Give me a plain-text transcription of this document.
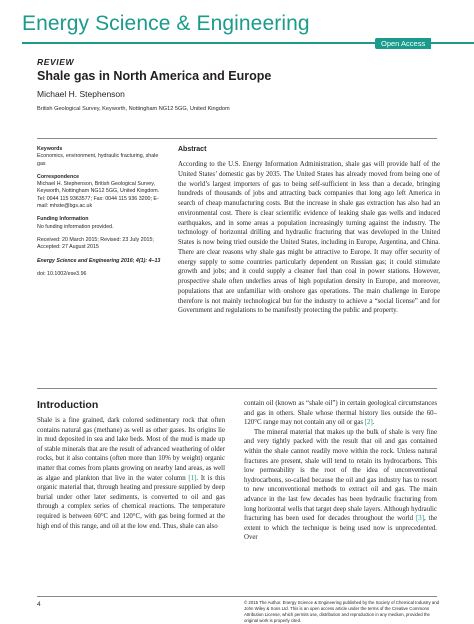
Energy Science & Engineering
Open Access
REVIEW
Shale gas in North America and Europe
Michael H. Stephenson
British Geological Survey, Keyworth, Nottingham NG12 5GG, United Kingdom
Keywords
Economics, environment, hydraulic fracturing, shale gas
Correspondence
Michael H. Stephenson, British Geological Survey, Keyworth, Nottingham NG12 5GG, United Kingdom. Tel: 0044 115 9363577; Fax: 0044 115 936 3200; E-mail: mhste@bgs.ac.uk
Funding Information
No funding information provided.
Received: 20 March 2015; Revised: 23 July 2015; Accepted: 27 August 2015
Energy Science and Engineering 2016; 4(1): 4–13
doi: 10.1002/ese3.96
Abstract
According to the U.S. Energy Information Administration, shale gas will provide half of the United States’ domestic gas by 2035. The United States has already moved from being one of the world’s largest importers of gas to being self-sufficient in less than a decade, bringing hundreds of thousands of jobs and attracting back companies that long ago left America in search of cheap manufacturing costs. But the increase in shale gas extraction has also had an environmental cost. There is clear scientific evidence of leaking shale gas wells and induced earthquakes, and in some areas a population increasingly turning against the industry. The technology of horizontal drilling and hydraulic fracturing that was developed in the United States is now being tried outside the United States, including in Europe, Argentina, and China. There are clear reasons why shale gas might be attractive to Europe. It may offer security of energy supply to some countries particularly dependent on Russian gas; it could stimulate growth and jobs; and it could supply a cleaner fuel than coal in power stations. However, prospective shale often underlies areas of high population density in Europe, and moreover, populations that are unfamiliar with onshore gas operations. The main challenge in Europe therefore is not mainly technological but for the industry to achieve a “social license” and for Government and regulations to be manifestly protecting the public and property.
Introduction
Shale is a fine grained, dark colored sedimentary rock that often contains natural gas (methane) as well as other gases. Its origins lie in mud deposited in sea and lake beds. Most of the mud is made up of stable minerals that are the result of advanced weathering of older rocks, but it also contains (often more than 10% by weight) organic matter that comes from plants growing on nearby land areas, as well as algae and plankton that live in the water column [1]. It is this organic material that, through heating and pressure supplied by deep burial under other later sediments, is converted to oil and gas through a complex series of chemical reactions. The temperature required is between 60°C and 120°C, with gas being formed at the high end of this range, and oil at the low end. Thus, shale can also

contain oil (known as “shale oil”) in certain geological circumstances and gas in others. Shale whose thermal history lies outside the 60–120°C range may not contain any oil or gas [2].

The mineral material that makes up the bulk of shale is very fine and very tightly packed with the result that oil and gas contained within the shale cannot readily move within the rock. Unless natural fractures are present, shale will tend to retain its hydrocarbons. This low permeability is the root of the idea of unconventional hydrocarbons, so-called because the oil and gas industry has to resort to new unconventional methods to extract oil and gas. The main advance in the last few decades has been hydraulic fracturing from long horizontal wells that target deep shale layers. Although hydraulic fracturing has been used for decades throughout the world [3], the extent to which the technique is being used now is unprecedented. Over

4	© 2015 The Author. Energy Science & Engineering published by the Society of Chemical Industry and John Wiley & Sons Ltd. This is an open access article under the terms of the Creative Commons Attribution License, which permits use, distribution and reproduction in any medium, provided the original work is properly cited.
